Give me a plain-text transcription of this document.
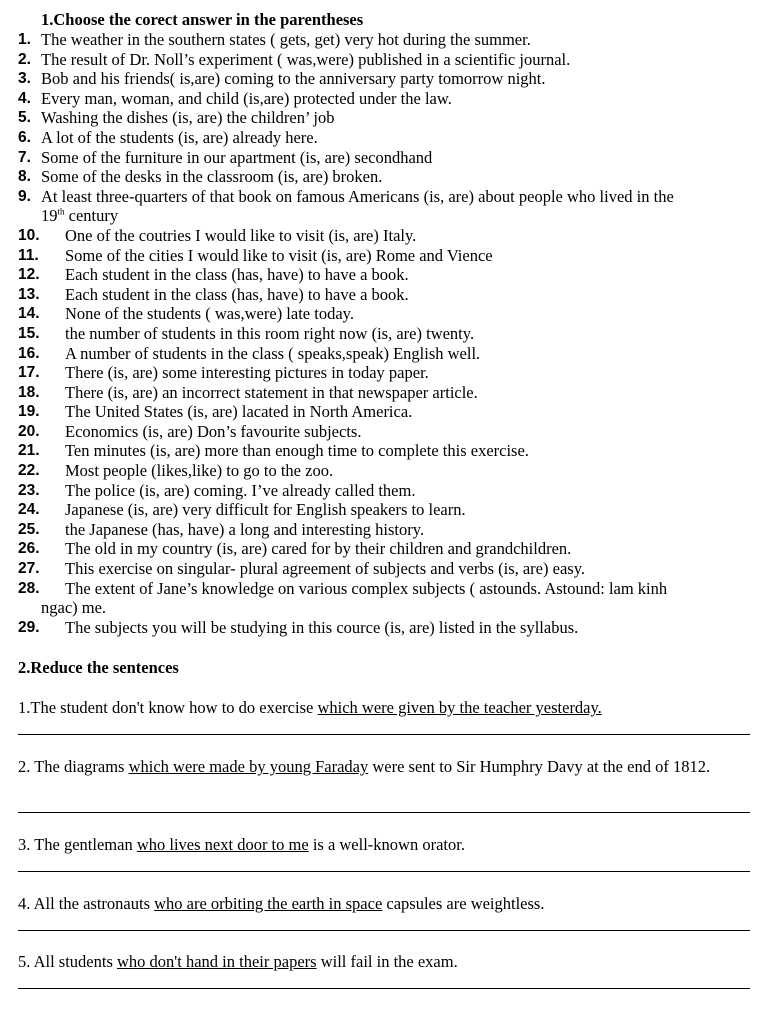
1.Choose the corect answer in the parentheses
1. The weather in the southern states ( gets, get) very hot during the summer.
2. The result of Dr. Noll’s experiment ( was,were) published in a scientific journal.
3. Bob and his friends( is,are) coming to the anniversary party tomorrow night.
4. Every man, woman, and child (is,are) protected under the law.
5. Washing the dishes (is, are) the children’ job
6. A lot of the students (is, are) already here.
7. Some of the furniture in our apartment (is, are) secondhand
8. Some of the desks in the classroom (is, are) broken.
9. At least three-quarters of that book on famous Americans (is, are) about people who lived in the
19th century
10. One of the coutries I would like to visit (is, are) Italy.
11. Some of the cities I would like to visit (is, are) Rome and Vience
12. Each student in the class (has, have) to have a book.
13. Each student in the class (has, have) to have a book.
14. None of the students ( was,were) late today.
15. the number of students in this room right now (is, are) twenty.
16. A number of students in the class ( speaks,speak) English well.
17. There (is, are) some interesting pictures in today paper.
18. There (is, are) an incorrect statement in that newspaper article.
19. The United States (is, are) lacated in North America.
20. Economics (is, are) Don’s favourite subjects.
21. Ten minutes (is, are) more than enough time to complete this exercise.
22. Most people (likes,like) to go to the zoo.
23. The police (is, are) coming. I’ve already called them.
24. Japanese (is, are) very difficult for English speakers to learn.
25. the Japanese (has, have) a long and interesting history.
26. The old in my country (is, are) cared for by their children and grandchildren.
27. This exercise on singular- plural agreement of subjects and verbs (is, are) easy.
28. The extent of Jane’s knowledge on various complex subjects ( astounds. Astound: lam kinh
ngac) me.
29. The subjects you will be studying in this cource (is, are) listed in the syllabus.
2.Reduce the sentences
1.The student don't know how to do exercise which were given by the teacher yesterday.
2. The diagrams which were made by young Faraday were sent to Sir Humphry Davy at the end of 1812.
3. The gentleman who lives next door to me is a well-known orator.
4. All the astronauts who are orbiting the earth in space capsules are weightless.
5. All students who don't hand in their papers will fail in the exam.
